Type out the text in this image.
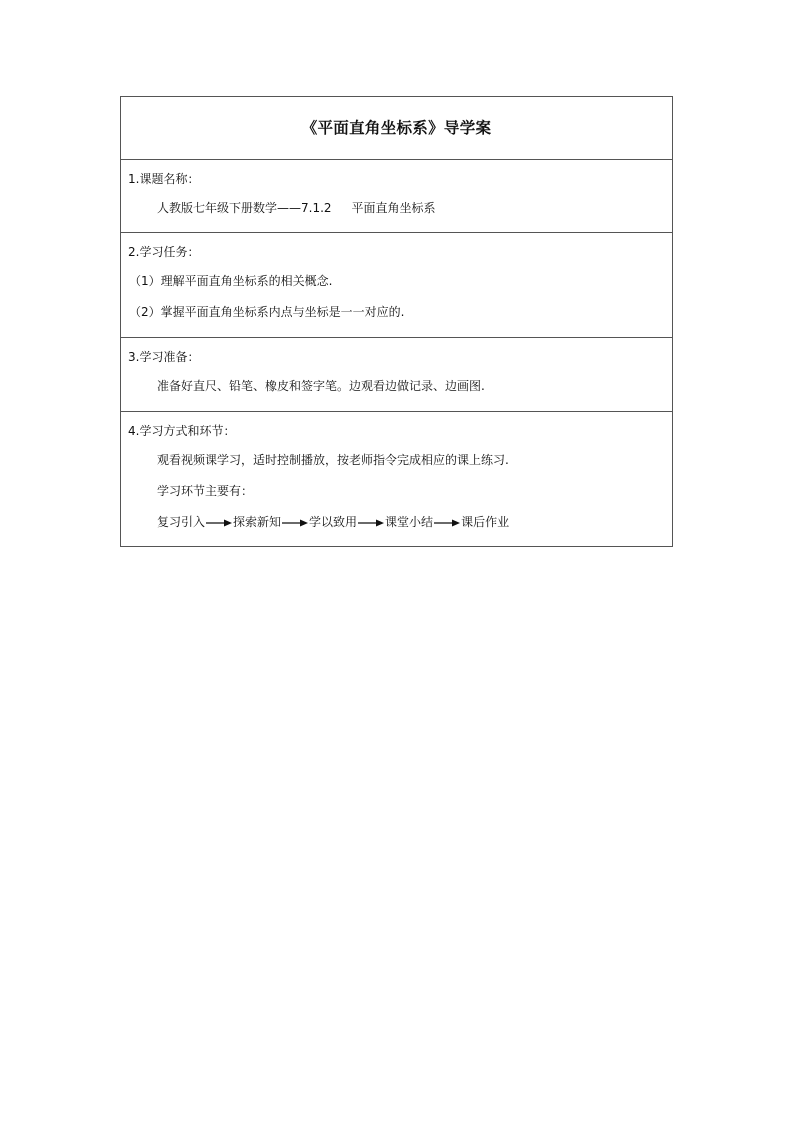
《平面直角坐标系》导学案

1.课题名称：
人教版七年级下册数学——7.1.2 平面直角坐标系

2.学习任务：
（1）理解平面直角坐标系的相关概念.
（2）掌握平面直角坐标系内点与坐标是一一对应的.

3.学习准备：
准备好直尺、铅笔、橡皮和签字笔。边观看边做记录、边画图.

4.学习方式和环节：
观看视频课学习，适时控制播放，按老师指令完成相应的课上练习.
学习环节主要有：
复习引入 探索新知 学以致用 课堂小结 课后作业
